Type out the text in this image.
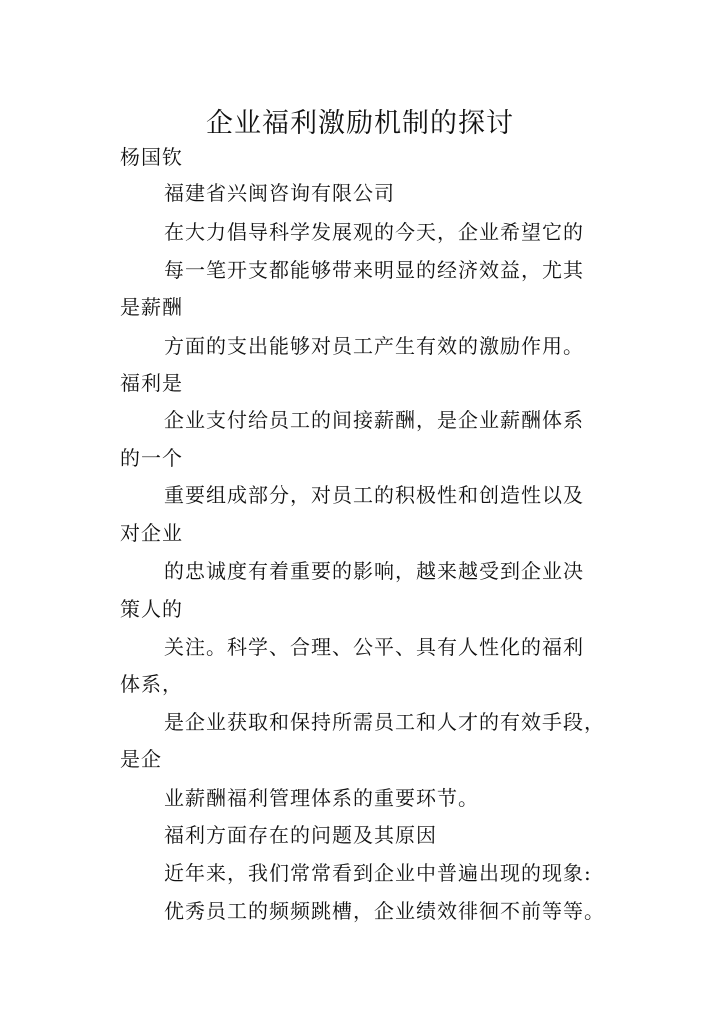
企业福利激励机制的探讨
杨国钦
福建省兴闽咨询有限公司
在大力倡导科学发展观的今天，企业希望它的
每一笔开支都能够带来明显的经济效益，尤其
是薪酬
方面的支出能够对员工产生有效的激励作用。
福利是
企业支付给员工的间接薪酬，是企业薪酬体系
的一个
重要组成部分，对员工的积极性和创造性以及
对企业
的忠诚度有着重要的影响，越来越受到企业决
策人的
关注。科学、合理、公平、具有人性化的福利
体系，
是企业获取和保持所需员工和人才的有效手段，
是企
业薪酬福利管理体系的重要环节。
福利方面存在的问题及其原因
近年来，我们常常看到企业中普遍出现的现象:
优秀员工的频频跳槽，企业绩效徘徊不前等等。
